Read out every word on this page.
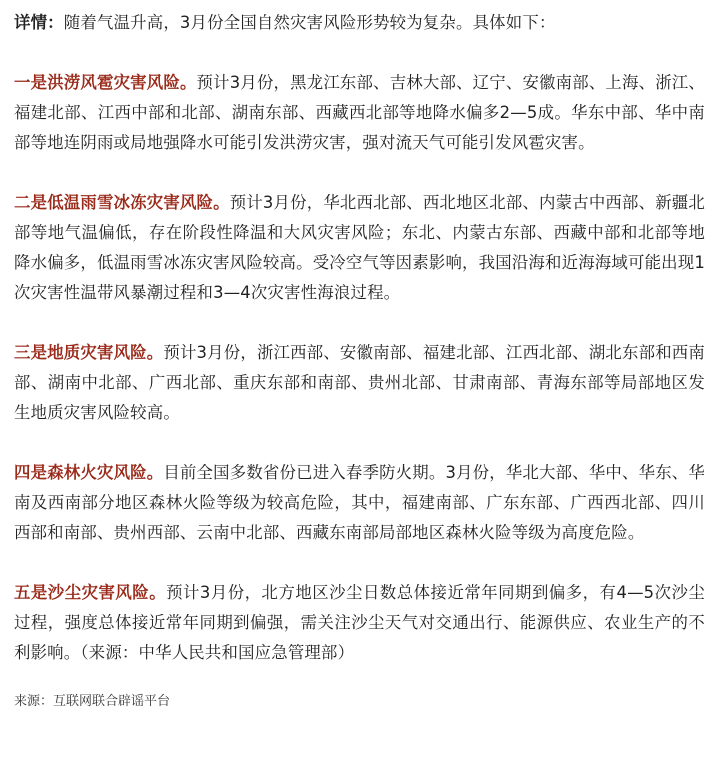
详情：随着气温升高，3月份全国自然灾害风险形势较为复杂。具体如下：

一是洪涝风雹灾害风险。预计3月份，黑龙江东部、吉林大部、辽宁、安徽南部、上海、浙江、福建北部、江西中部和北部、湖南东部、西藏西北部等地降水偏多2—5成。华东中部、华中南部等地连阴雨或局地强降水可能引发洪涝灾害，强对流天气可能引发风雹灾害。

二是低温雨雪冰冻灾害风险。预计3月份，华北西北部、西北地区北部、内蒙古中西部、新疆北部等地气温偏低，存在阶段性降温和大风灾害风险；东北、内蒙古东部、西藏中部和北部等地降水偏多，低温雨雪冰冻灾害风险较高。受冷空气等因素影响，我国沿海和近海海域可能出现1次灾害性温带风暴潮过程和3—4次灾害性海浪过程。

三是地质灾害风险。预计3月份，浙江西部、安徽南部、福建北部、江西北部、湖北东部和西南部、湖南中北部、广西北部、重庆东部和南部、贵州北部、甘肃南部、青海东部等局部地区发生地质灾害风险较高。

四是森林火灾风险。目前全国多数省份已进入春季防火期。3月份，华北大部、华中、华东、华南及西南部分地区森林火险等级为较高危险，其中，福建南部、广东东部、广西西北部、四川西部和南部、贵州西部、云南中北部、西藏东南部局部地区森林火险等级为高度危险。

五是沙尘灾害风险。预计3月份，北方地区沙尘日数总体接近常年同期到偏多，有4—5次沙尘过程，强度总体接近常年同期到偏强，需关注沙尘天气对交通出行、能源供应、农业生产的不利影响。（来源：中华人民共和国应急管理部）

来源：互联网联合辟谣平台
